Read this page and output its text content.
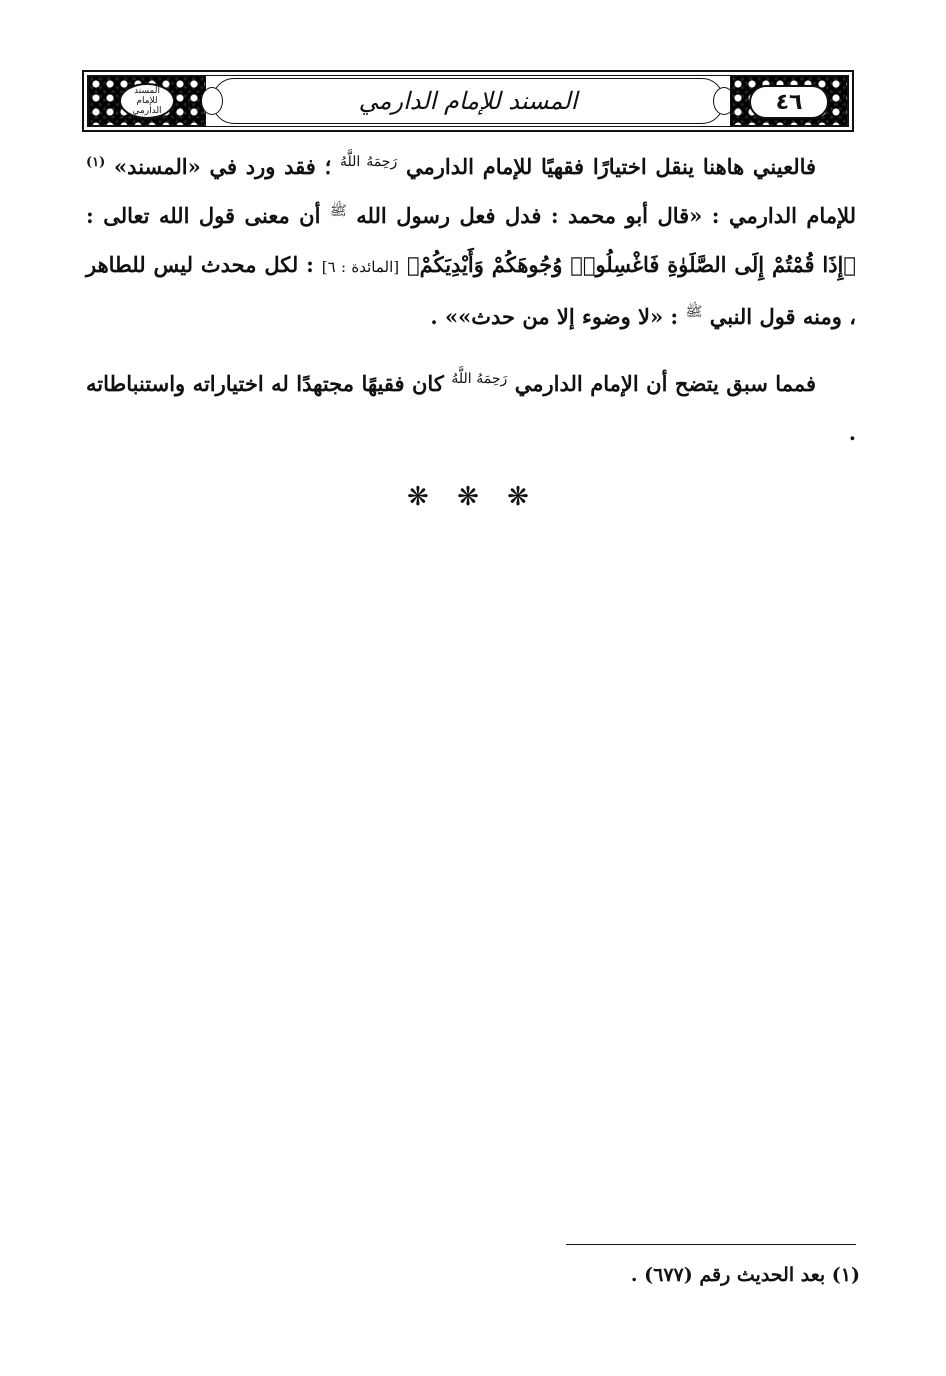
المسند
للإمام الدارمي	المسند للإمام الدارمي	٤٦

فالعيني هاهنا ينقل اختيارًا فقهيًا للإمام الدارمي $^{رَحِمَهُ اللَّهُ}$ ؛ فقد ورد في «المسند» $^{(١)}$ للإمام الدارمي : «قال أبو محمد : فدل فعل رسول الله $^ﷺ$ أن معنى قول الله تعالى : ﴿إِذَا قُمْتُمْ إِلَى الصَّلَوٰةِ فَاغْسِلُوا۟ وُجُوهَكُمْ وَأَيْدِيَكُمْ﴾ [المائدة : ٦] : لكل محدث ليس للطاهر ، ومنه قول النبي $^ﷺ$ : «لا وضوء إلا من حدث»» .

فمما سبق يتضح أن الإمام الدارمي $^{رَحِمَهُ اللَّهُ}$ كان فقيهًا مجتهدًا له اختياراته واستنباطاته .

❋ ❋ ❋
(١) بعد الحديث رقم (٦٧٧) .
